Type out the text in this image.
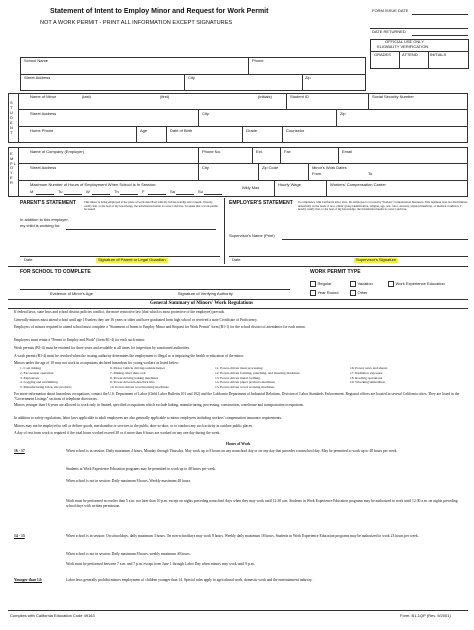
Statement of Intent to Employ Minor and Request for Work Permit
NOT A WORK PERMIT - PRINT ALL INFORMATION EXCEPT SIGNATURES
FORM ISSUE DATE
DATE RETURNED
OFFICIAL USE ONLY
ELIGIBILITY VERIFICATION
GRADES	ATTEND	INITIALS
School Name	Phone
Street Address	City	Zip
S T U D E N T
Name of Minor	(last)	(first)	(initials)	Student ID	Social Security Number
Street Address	City	Zip
Home Phone	Age	Date of Birth	Grade	Counselor
E M P L O Y E R
Name of Company (Employer)	Phone No.	Ext.	Fax	Email
Street Address	City	Zip Code	Minor's Work Dates
From	To
Maximum Number of Hours of Employment When School is In Session:
M	Tu	W	Th	F	Sa	Su
Wkly Max
Hourly Wage	Workers' Compensation Carrier
PARENT'S STATEMENT	This minor is being employed at the place of work described with my full knowledge and consent. I hereby certify that, to the best of my knowledge, the information herein is correct and true. I request that a work permit be issued.
In addition to this employer,
my child is working for:
Date	Signature of Parent or Legal Guardian
EMPLOYER'S STATEMENT In compliance with California labor laws, the employee is covered by Workers' Compensation Insurance. This business does not discriminate unlawfully on the basis of race, ethnic group identification, religion, age, sex, color, ancestry, physical handicap, or medical condition. I hereby certify that, to the best of my knowledge, the information herein is correct and true.
Supervisor's Name (Print)
Date	Supervisor's Signature
FOR SCHOOL TO COMPLETE
Evidence of Minor's Age	Signature of Verifying Authority
WORK PERMIT TYPE
Regular	Vacation	Work Experience Education
Year Round	Other
General Summary of Minors' Work Regulations
If federal laws, state laws and school district policies conflict, the more restrictive law (that which is most protective of the employee) prevails.
Generally minors must attend school until age 18 unless they are 16 years or older and have graduated from high school or received a state Certificate of Proficiency.
Employers of minors required to attend school must complete a "Statement of Intent to Employ Minor and Request for Work Permit" form (B1-1) for the school district of attendance for each minor.
Employers must retain a "Permit to Employ and Work" (form B1-4) for each such minor.
Work permits (B1-4) must be retained for three years and available at all times for inspection by sanctioned authorities.
A work permit (B1-4) must be revoked when the issuing authority determines the employment is illegal or is impairing the health or education of the minor.
Minors under the age of 18 may not work in occupations declared hazardous for young workers as listed below:
1. Coal mining	6. Motor vehicle driving/outside helper	11. Power-driven meat processing	16. Power saws and shears
2. Excavation operation	7. Mining other than coal	12. Power-driven forming, punching, and shearing machines	17. Radiation exposure
3. Explosives	8. Power-driving baking machines	13. Power-driven metal forming	18. Roofing operations
4. Logging and sawmilling	9. Power-driven hoists/fork lifts	14. Power-driven paper products machines	19. Wrecking/demolition
5. Manufacturing brick, tile products	10. Power-driven woodworking machines	15. Power-driven wood working machines
For more information about hazardous occupations, contact the U.S. Department of Labor (Child Labor Bulletin 101 and 102) and the California Department of Industrial Relations, Division of Labor Standards Enforcement. Regional offices are located in several California cities. They are listed in the "Government Listings" sections of telephone directories.
Minors younger than 16 years are allowed to work only in limited, specified occupations which exclude baking, manufacturing, processing, construction, warehouse and transportation occupations.
In addition to safety regulations, labor laws applicable to adult employees are also generally applicable to minor employees including workers' compensation insurance requirements.
Minors may not be employed to sell or deliver goods, merchandise or services to the public door-to-door, or to conduct any such activity in outdoor public places.
A day of rest from work is required if the total hours worked exceed 30 or if more than 6 hours are worked on any one day during the week.
Hours of Work
16 - 17	When school is in session: Daily maximum 4 hours, Monday through Thursday. May work up to 8 hours on any nonschool day or on any day that precedes a nonschool day. May be permitted to work up to 48 hours per week.
Students in Work Experience Education programs may be permitted to work up to 48 hours per week.
When school is not in session: Daily maximum 8 hours. Weekly maximum 48 hours.
Work must be performed no earlier than 5 a.m. nor later than 10 p.m. except on nights preceding nonschool days when they may work until 12:30 a.m. Students in Work Experience Education programs may be authorized to work until 12:30 a.m. on nights preceding school days with written permission.
14 - 15	When school is in session: On schooldays, daily maximum 3 hours. On non-schooldays may work 8 hours. Weekly daily maximum 18 hours. Students in Work Experience Education programs may be authorized to work 23 hours per week.
When school is not in session: Daily maximum 8 hours, weekly maximum 40 hours.
Work must be performed between 7 a.m. and 7 p.m. except from June 1 through Labor Day when minors may work until 9 p.m.
Younger than 14:	Labor laws generally prohibit minors employment of children younger than 14. Special rules apply to agricultural work, domestic work and the entertainment industry.
Complies with California Education Code 49163	Form: B1-1QP (Rev. 9/2001)
